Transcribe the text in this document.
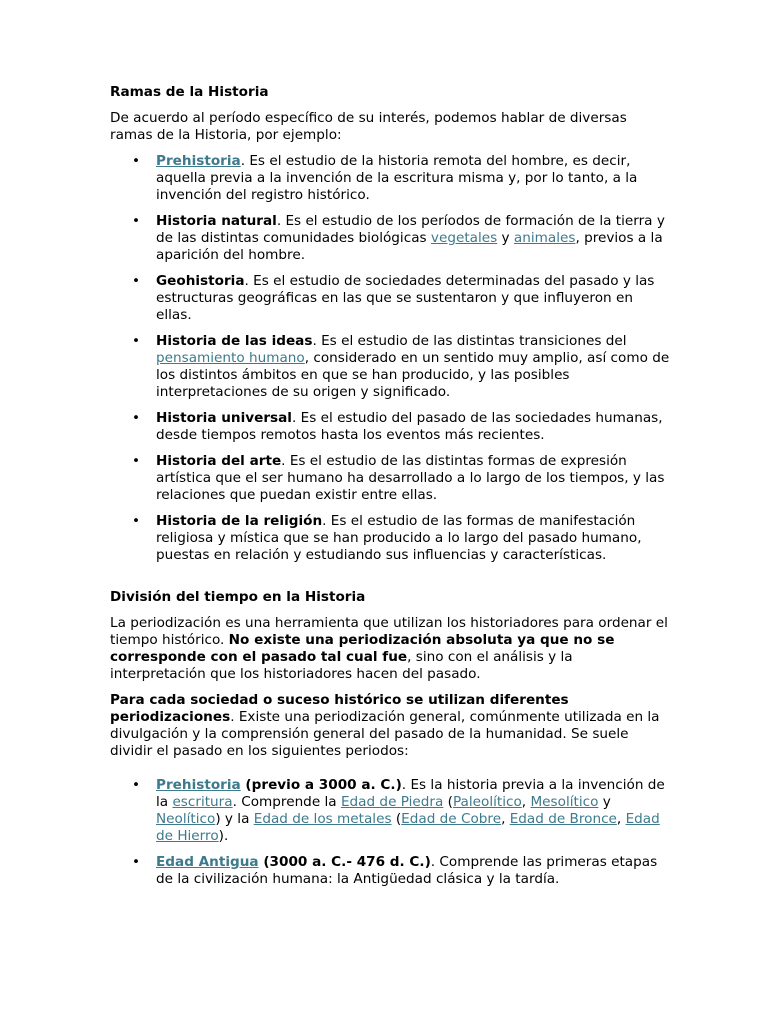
Ramas de la Historia

De acuerdo al período específico de su interés, podemos hablar de diversas ramas de la Historia, por ejemplo:

• Prehistoria. Es el estudio de la historia remota del hombre, es decir, aquella previa a la invención de la escritura misma y, por lo tanto, a la invención del registro histórico.
• Historia natural. Es el estudio de los períodos de formación de la tierra y de las distintas comunidades biológicas vegetales y animales, previos a la aparición del hombre.
• Geohistoria. Es el estudio de sociedades determinadas del pasado y las estructuras geográficas en las que se sustentaron y que influyeron en ellas.
• Historia de las ideas. Es el estudio de las distintas transiciones del pensamiento humano, considerado en un sentido muy amplio, así como de los distintos ámbitos en que se han producido, y las posibles interpretaciones de su origen y significado.
• Historia universal. Es el estudio del pasado de las sociedades humanas, desde tiempos remotos hasta los eventos más recientes.
• Historia del arte. Es el estudio de las distintas formas de expresión artística que el ser humano ha desarrollado a lo largo de los tiempos, y las relaciones que puedan existir entre ellas.
• Historia de la religión. Es el estudio de las formas de manifestación religiosa y mística que se han producido a lo largo del pasado humano, puestas en relación y estudiando sus influencias y características.
División del tiempo en la Historia

La periodización es una herramienta que utilizan los historiadores para ordenar el tiempo histórico. No existe una periodización absoluta ya que no se corresponde con el pasado tal cual fue, sino con el análisis y la interpretación que los historiadores hacen del pasado.

Para cada sociedad o suceso histórico se utilizan diferentes periodizaciones. Existe una periodización general, comúnmente utilizada en la divulgación y la comprensión general del pasado de la humanidad. Se suele dividir el pasado en los siguientes periodos:

• Prehistoria (previo a 3000 a. C.). Es la historia previa a la invención de la escritura. Comprende la Edad de Piedra (Paleolítico, Mesolítico y Neolítico) y la Edad de los metales (Edad de Cobre, Edad de Bronce, Edad de Hierro).
• Edad Antigua (3000 a. C.- 476 d. C.). Comprende las primeras etapas de la civilización humana: la Antigüedad clásica y la tardía.
